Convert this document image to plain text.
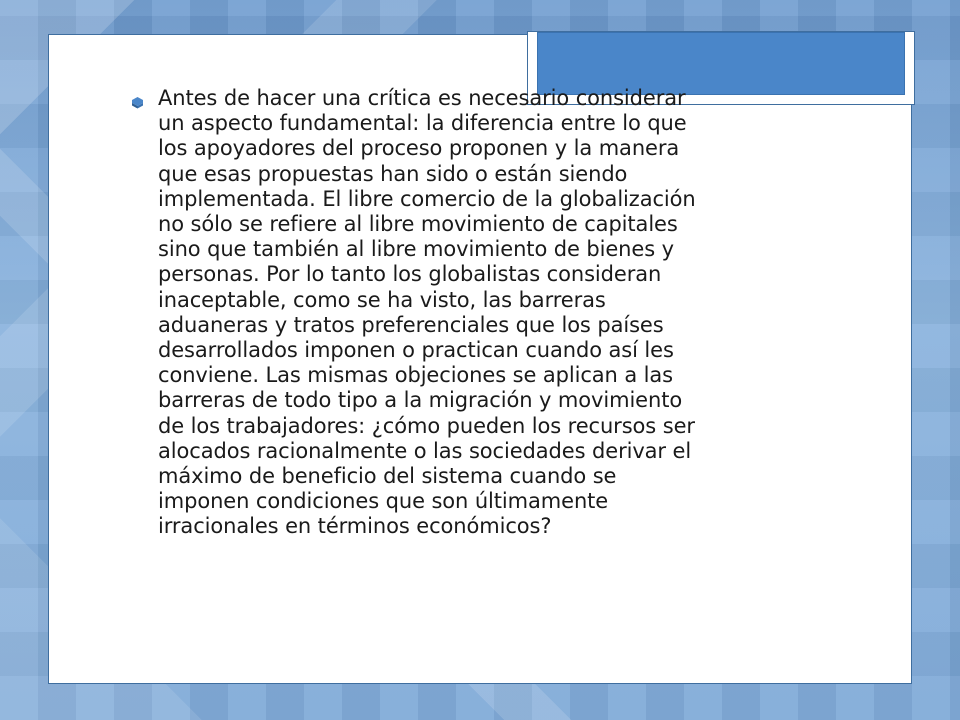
Antes de hacer una crítica es necesario considerar
un aspecto fundamental: la diferencia entre lo que
los apoyadores del proceso proponen y la manera
que esas propuestas han sido o están siendo
implementada. El libre comercio de la globalización
no sólo se refiere al libre movimiento de capitales
sino que también al libre movimiento de bienes y
personas. Por lo tanto los globalistas consideran
inaceptable, como se ha visto, las barreras
aduaneras y tratos preferenciales que los países
desarrollados imponen o practican cuando así les
conviene. Las mismas objeciones se aplican a las
barreras de todo tipo a la migración y movimiento
de los trabajadores: ¿cómo pueden los recursos ser
alocados racionalmente o las sociedades derivar el
máximo de beneficio del sistema cuando se
imponen condiciones que son últimamente
irracionales en términos económicos?
